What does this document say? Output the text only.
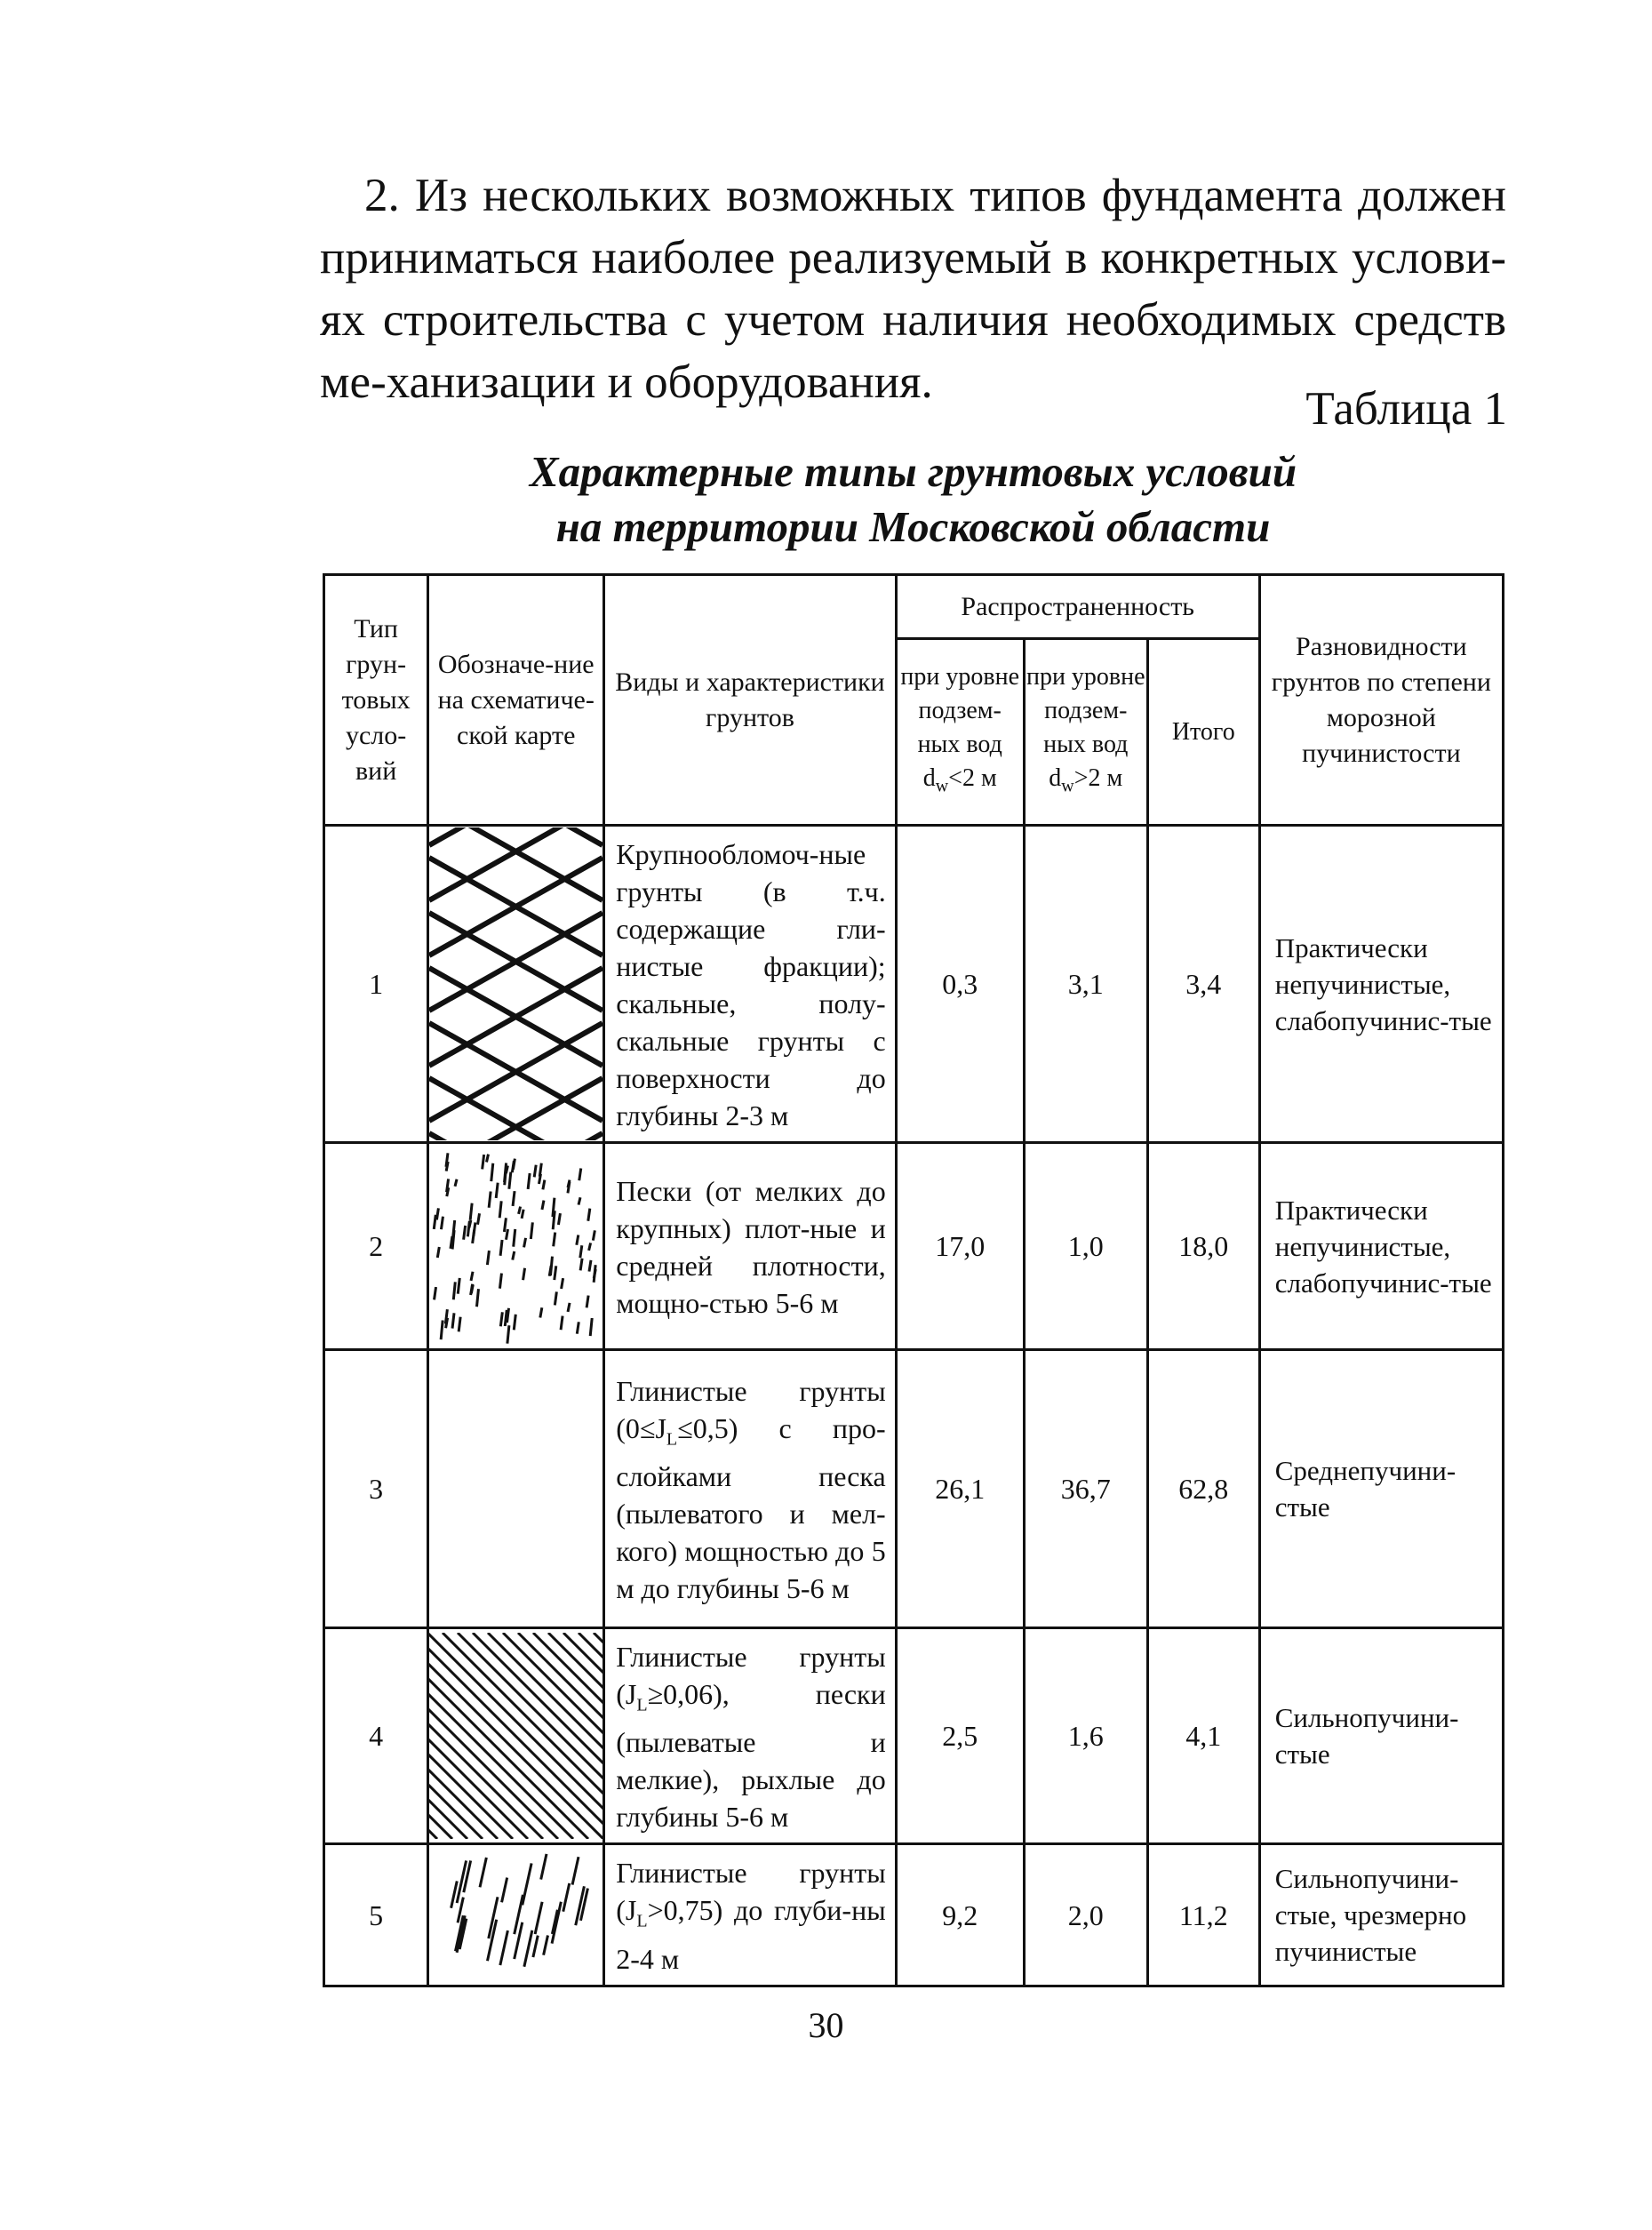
2. Из нескольких возможных типов фундамента должен приниматься наиболее реализуемый в конкретных услови-ях строительства с учетом наличия необходимых средств ме-ханизации и оборудования.

Таблица 1
Характерные типы грунтовых условий
на территории Московской области
Тип грун-товых усло-вий	Обозначе-ние на схематиче-ской карте	Виды и характеристики грунтов	Распространенность			Разновидности грунтов по степени морозной пучинистости
			при уровне подзем-ных вод $d_w<2$ м	при уровне подзем-ных вод $d_w>2$ м	Итого	
1		Крупнообломоч-ные грунты (в т.ч. содержащие гли-нистые фракции); скальные, полу-скальные грунты с поверхности до глубины 2-3 м	0,3	3,1	3,4	Практически непучинистые, слабопучинис-тые
2		Пески (от мелких до крупных) плот-ные и средней плотности, мощно-стью 5-6 м	17,0	1,0	18,0	Практически непучинистые, слабопучинис-тые
3		Глинистые грунты $(0\le J_L\le 0,5)$ с про-слойками песка (пылеватого и мел-кого) мощностью до 5 м до глубины 5-6 м	26,1	36,7	62,8	Среднепучини-стые
4		Глинистые грунты $(J_L\ge 0,06)$, пески (пылеватые и мелкие), рыхлые до глубины 5-6 м	2,5	1,6	4,1	Сильнопучини-стые
5		Глинистые грунты $(J_L>0,75)$ до глуби-ны 2-4 м	9,2	2,0	11,2	Сильнопучини-стые, чрезмерно пучинистые
30
